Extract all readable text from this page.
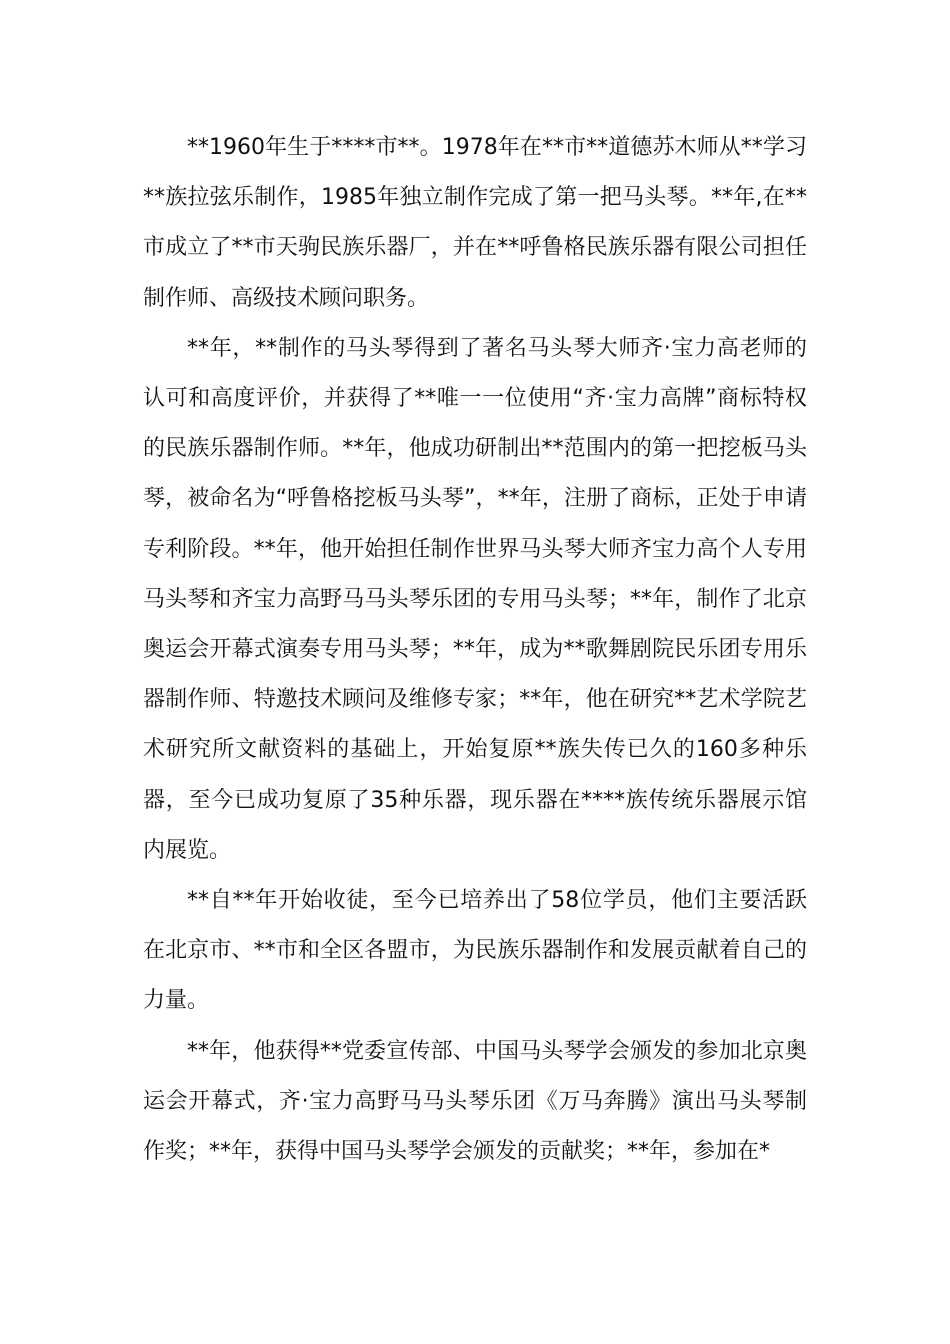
**1960年生于****市**。1978年在**市**道德苏木师从**学习**族拉弦乐制作，1985年独立制作完成了第一把马头琴。**年,在**市成立了**市天驹民族乐器厂，并在**呼鲁格民族乐器有限公司担任制作师、高级技术顾问职务。

**年，**制作的马头琴得到了著名马头琴大师齐·宝力高老师的认可和高度评价，并获得了**唯一一位使用“齐·宝力高牌”商标特权的民族乐器制作师。**年，他成功研制出**范围内的第一把挖板马头琴，被命名为“呼鲁格挖板马头琴”，**年，注册了商标，正处于申请专利阶段。**年，他开始担任制作世界马头琴大师齐宝力高个人专用马头琴和齐宝力高野马马头琴乐团的专用马头琴；**年，制作了北京奥运会开幕式演奏专用马头琴；**年，成为**歌舞剧院民乐团专用乐器制作师、特邀技术顾问及维修专家；**年，他在研究**艺术学院艺术研究所文献资料的基础上，开始复原**族失传已久的160多种乐器，至今已成功复原了35种乐器，现乐器在****族传统乐器展示馆内展览。

**自**年开始收徒，至今已培养出了58位学员，他们主要活跃在北京市、**市和全区各盟市，为民族乐器制作和发展贡献着自己的力量。

**年，他获得**党委宣传部、中国马头琴学会颁发的参加北京奥运会开幕式，齐·宝力高野马马头琴乐团《万马奔腾》演出马头琴制作奖；**年，获得中国马头琴学会颁发的贡献奖；**年，参加在*
